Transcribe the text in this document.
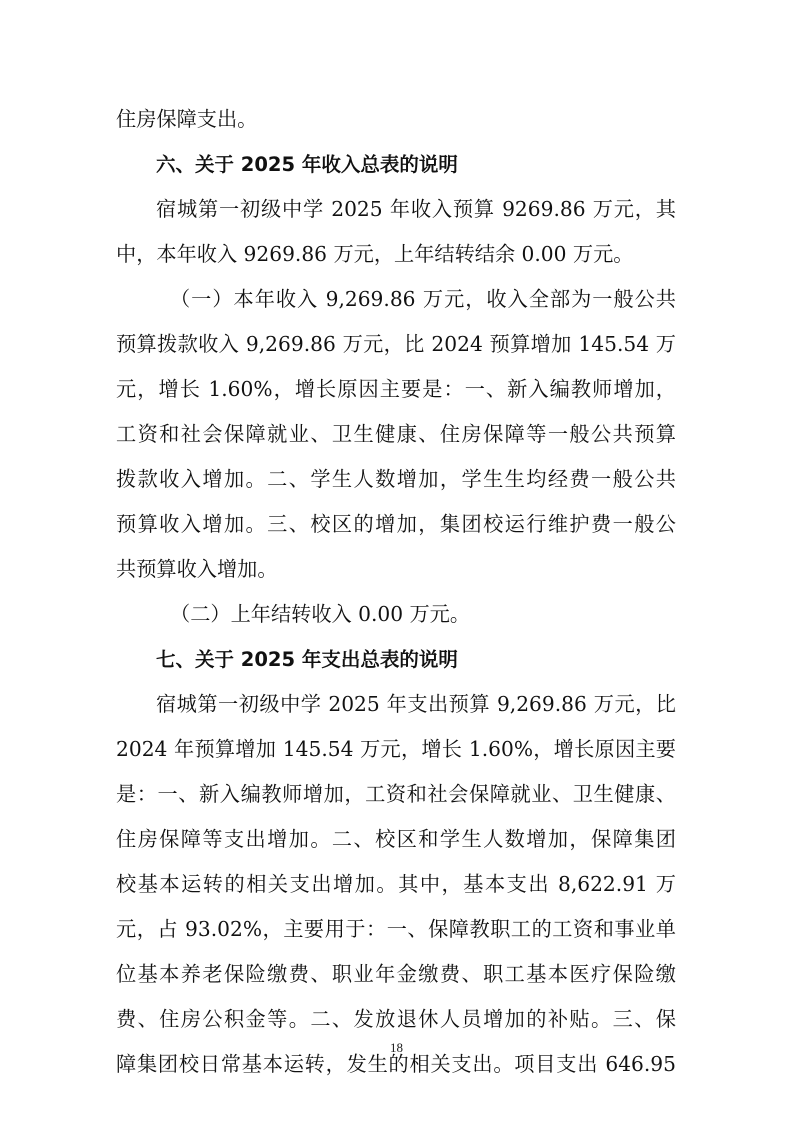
住房保障支出。
六、关于 2025 年收入总表的说明
宿城第一初级中学 2025 年收入预算 9269.86 万元，其
中，本年收入 9269.86 万元，上年结转结余 0.00 万元。
（一）本年收入 9,269.86 万元，收入全部为一般公共
预算拨款收入 9,269.86 万元，比 2024 预算增加 145.54 万
元，增长 1.60%，增长原因主要是：一、新入编教师增加，
工资和社会保障就业、卫生健康、住房保障等一般公共预算
拨款收入增加。二、学生人数增加，学生生均经费一般公共
预算收入增加。三、校区的增加，集团校运行维护费一般公
共预算收入增加。
（二）上年结转收入 0.00 万元。
七、关于 2025 年支出总表的说明
宿城第一初级中学 2025 年支出预算 9,269.86 万元，比
2024 年预算增加 145.54 万元，增长 1.60%，增长原因主要
是：一、新入编教师增加，工资和社会保障就业、卫生健康、
住房保障等支出增加。二、校区和学生人数增加，保障集团
校基本运转的相关支出增加。其中，基本支出 8,622.91 万
元，占 93.02%，主要用于：一、保障教职工的工资和事业单
位基本养老保险缴费、职业年金缴费、职工基本医疗保险缴
费、住房公积金等。二、发放退休人员增加的补贴。三、保
障集团校日常基本运转，发生的相关支出。项目支出 646.95
18
